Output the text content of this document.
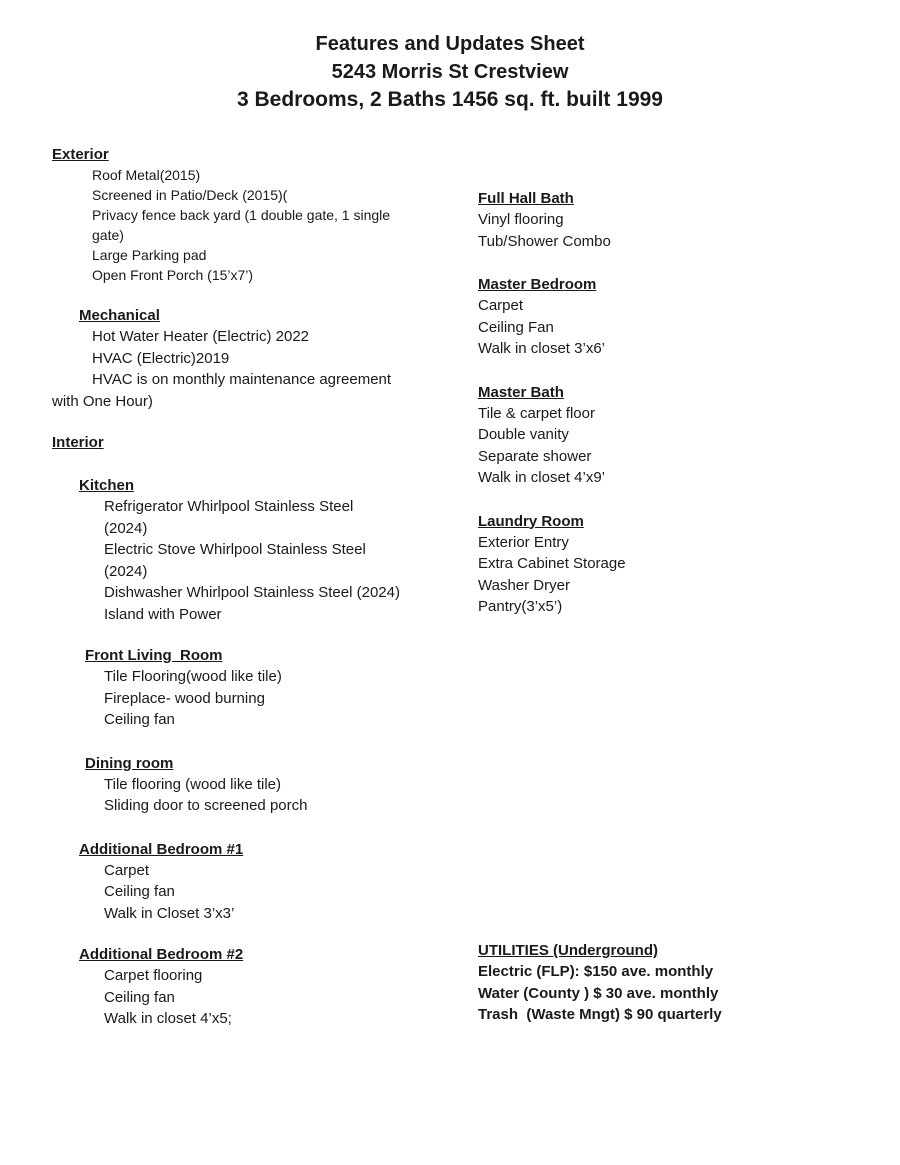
Features and Updates Sheet

5243 Morris St Crestview

3 Bedrooms, 2 Baths 1456 sq. ft. built 1999

Exterior
Roof Metal(2015)
Screened in Patio/Deck (2015)(
Privacy fence back yard (1 double gate, 1 single
gate)
Large Parking pad
Open Front Porch (15’x7’)
Mechanical
Hot Water Heater (Electric) 2022
HVAC (Electric)2019
HVAC is on monthly maintenance agreement
with One Hour)
Interior
Kitchen
Refrigerator Whirlpool Stainless Steel
(2024)
Electric Stove Whirlpool Stainless Steel
(2024)
Dishwasher Whirlpool Stainless Steel (2024)
Island with Power
Front Living  Room
Tile Flooring(wood like tile)
Fireplace- wood burning
Ceiling fan
Dining room
Tile flooring (wood like tile)
Sliding door to screened porch
Additional Bedroom #1
Carpet
Ceiling fan
Walk in Closet 3’x3’
Additional Bedroom #2
Carpet flooring
Ceiling fan
Walk in closet 4’x5;
Full Hall Bath
Vinyl flooring
Tub/Shower Combo
Master Bedroom
Carpet
Ceiling Fan
Walk in closet 3’x6’
Master Bath
Tile & carpet floor
Double vanity
Separate shower
Walk in closet 4’x9’
Laundry Room
Exterior Entry
Extra Cabinet Storage
Washer Dryer
Pantry(3’x5’)
UTILITIES (Underground)
Electric (FLP): $150 ave. monthly
Water (County ) $ 30 ave. monthly
Trash  (Waste Mngt) $ 90 quarterly
